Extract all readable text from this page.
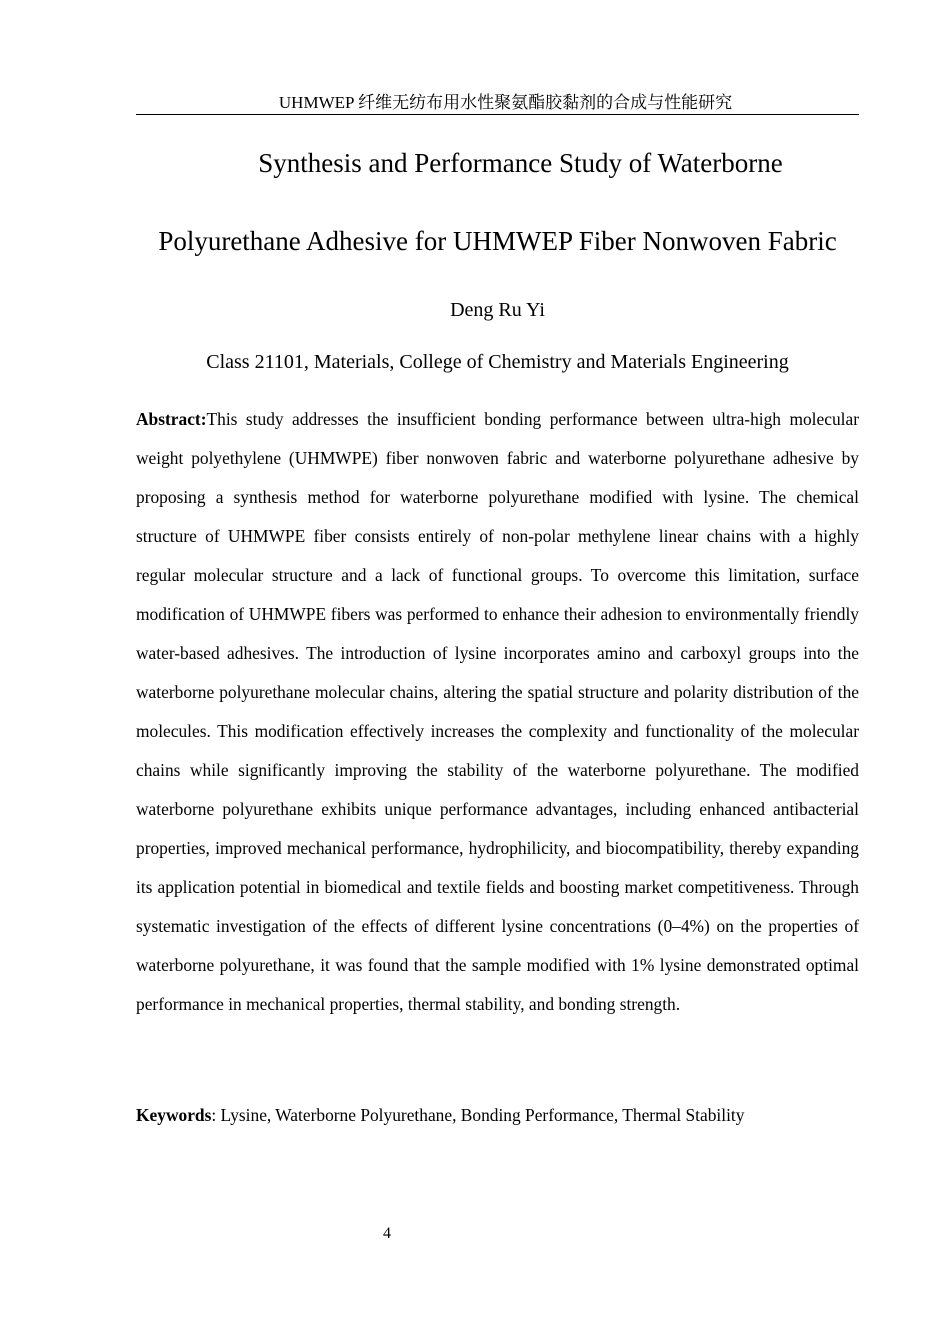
UHMWEP 纤维无纺布用水性聚氨酯胶黏剂的合成与性能研究
Synthesis and Performance Study of Waterborne
Polyurethane Adhesive for UHMWEP Fiber Nonwoven Fabric
Deng Ru Yi
Class 21101, Materials, College of Chemistry and Materials Engineering

Abstract:This study addresses the insufficient bonding performance between ultra-high molecular weight polyethylene (UHMWPE) fiber nonwoven fabric and waterborne polyurethane adhesive by proposing a synthesis method for waterborne polyurethane modified with lysine. The chemical structure of UHMWPE fiber consists entirely of non-polar methylene linear chains with a highly regular molecular structure and a lack of functional groups. To overcome this limitation, surface modification of UHMWPE fibers was performed to enhance their adhesion to environmentally friendly water-based adhesives. The introduction of lysine incorporates amino and carboxyl groups into the waterborne polyurethane molecular chains, altering the spatial structure and polarity distribution of the molecules. This modification effectively increases the complexity and functionality of the molecular chains while significantly improving the stability of the waterborne polyurethane. The modified waterborne polyurethane exhibits unique performance advantages, including enhanced antibacterial properties, improved mechanical performance, hydrophilicity, and biocompatibility, thereby expanding its application potential in biomedical and textile fields and boosting market competitiveness. Through systematic investigation of the effects of different lysine concentrations (0–4%) on the properties of waterborne polyurethane, it was found that the sample modified with 1% lysine demonstrated optimal performance in mechanical properties, thermal stability, and bonding strength.

Keywords: Lysine, Waterborne Polyurethane, Bonding Performance, Thermal Stability

4
